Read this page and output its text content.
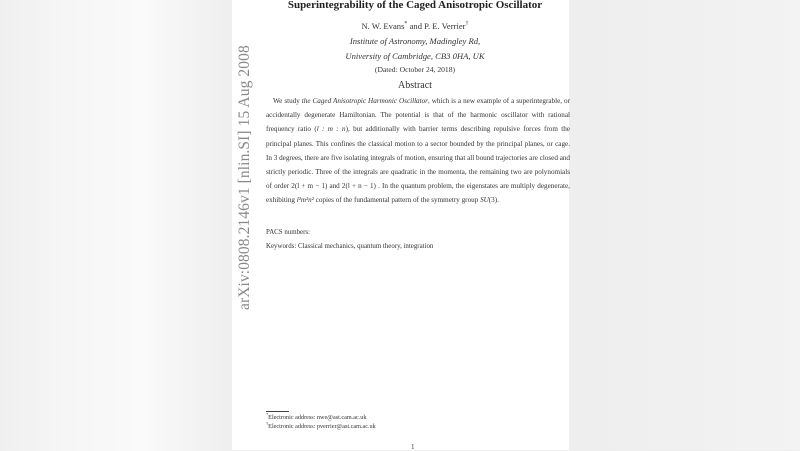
arXiv:0808.2146v1 [nlin.SI] 15 Aug 2008
Superintegrability of the Caged Anisotropic Oscillator
N. W. Evans* and P. E. Verrier†
Institute of Astronomy, Madingley Rd,
University of Cambridge, CB3 0HA, UK
(Dated: October 24, 2018)
Abstract

We study the Caged Anisotropic Harmonic Oscillator, which is a new example of a superintegrable, or accidentally degenerate Hamiltonian. The potential is that of the harmonic oscillator with rational frequency ratio (l : m : n), but additionally with barrier terms describing repulsive forces from the principal planes. This confines the classical motion to a sector bounded by the principal planes, or cage. In 3 degrees, there are five isolating integrals of motion, ensuring that all bound trajectories are closed and strictly periodic. Three of the integrals are quadratic in the momenta, the remaining two are polynomials of order 2(l + m − 1) and 2(l + n − 1) . In the quantum problem, the eigenstates are multiply degenerate, exhibiting l²m²n² copies of the fundamental pattern of the symmetry group SU(3).

PACS numbers:
Keywords: Classical mechanics, quantum theory, integration
*Electronic address: nwe@ast.cam.ac.uk
†Electronic address: pverrier@ast.cam.ac.uk
1
